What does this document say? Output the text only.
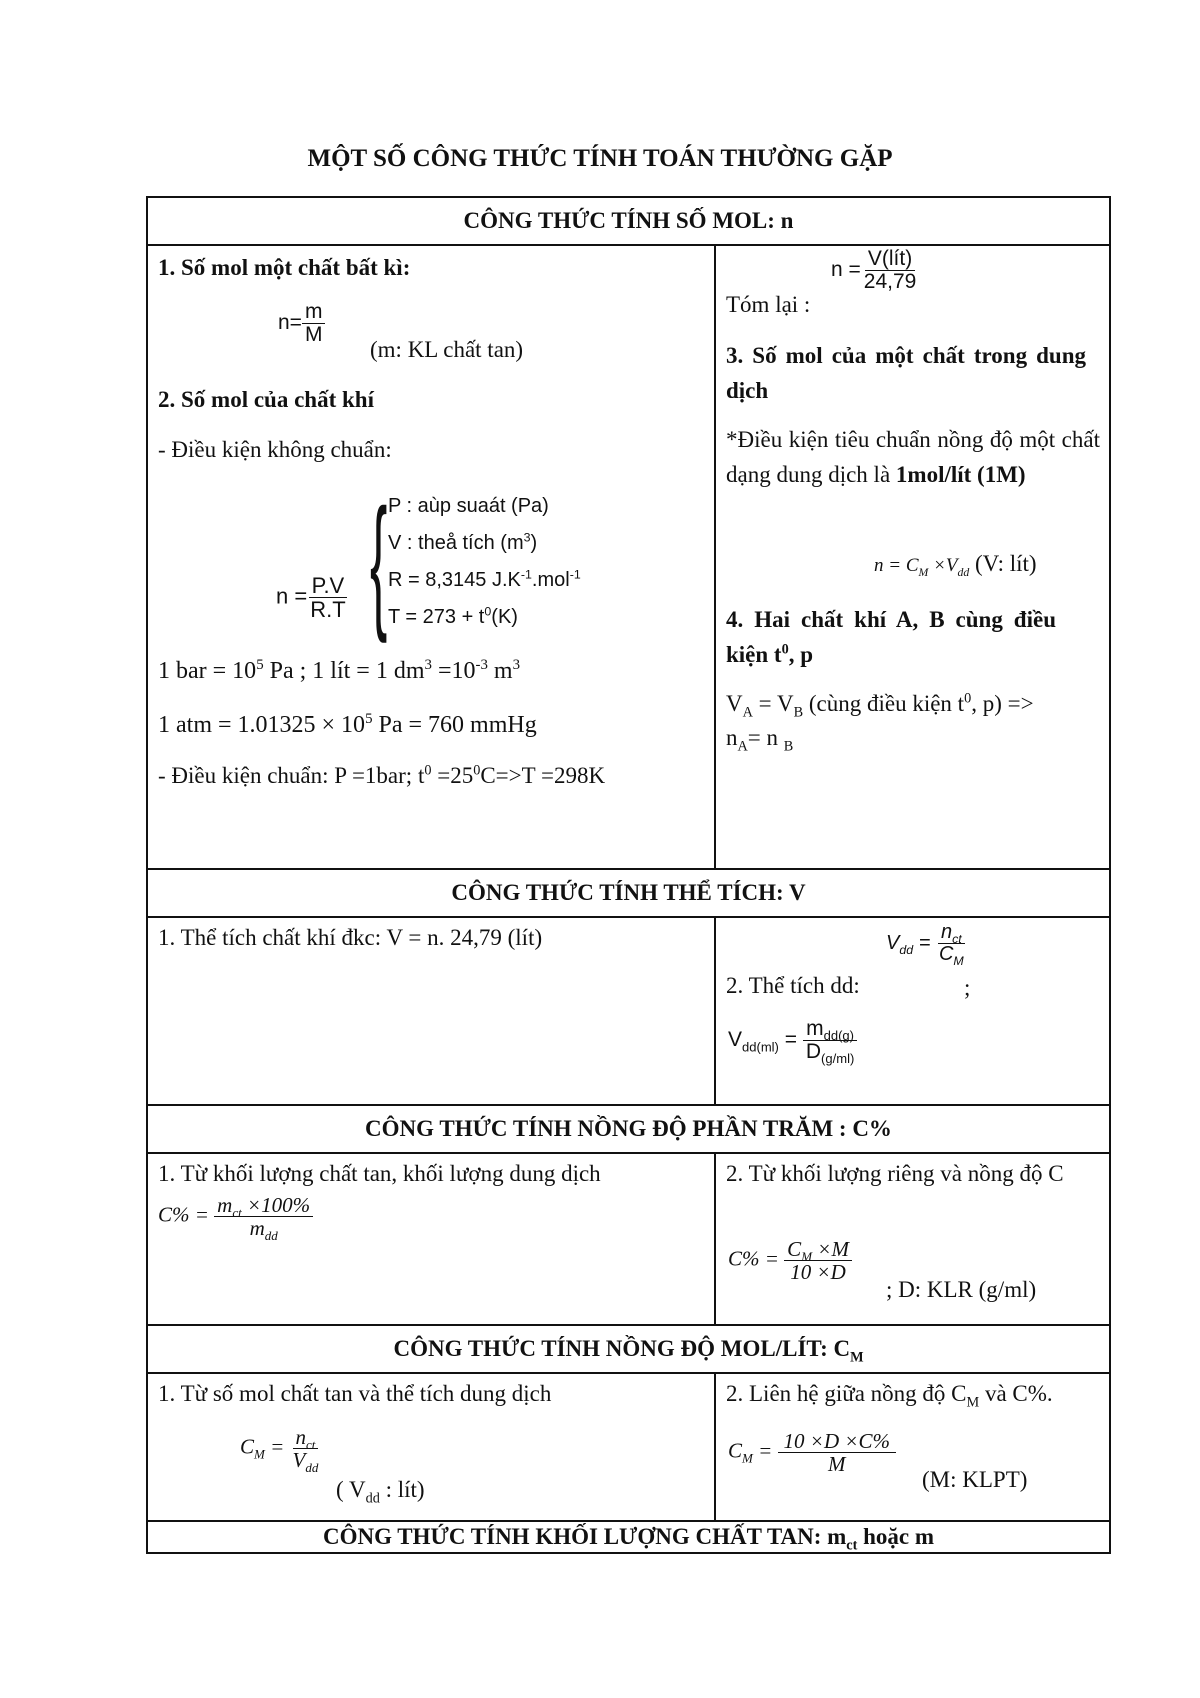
MỘT SỐ CÔNG THỨC TÍNH TOÁN THƯỜNG GẶP
CÔNG THỨC TÍNH SỐ MOL: n
1. Số mol một chất bất kì:
$n= \frac{m}{M}$
(m: KL chất tan)
2. Số mol của chất khí
- Điều kiện không chuẩn:
$n = \frac{P.V}{R.T}$ { P : aùp suaát (Pa)
V : theå tích $(m^3)$
R = 8,3145 $J.K^{-1}.mol^{-1}$
$T = 273 + t^0(K)$
1 bar = $10^5$ Pa ; 1 lít = 1 $dm^3 =10^{-3}$ $m^3$
1 atm = $1.01325 \times 10^5$ Pa = 760 mmHg
- Điều kiện chuẩn: P =1bar; $t^0 =25^0C=>T =298K$
$n = \frac{\text{V(lít)}}{24,79}$
Tóm lại :
3. Số mol của một chất trong dung dịch
*Điều kiện tiêu chuẩn nồng độ một chất dạng dung dịch là 1mol/lít (1M)
$n = C_M \times V_{dd}$ (V: lít)
4. Hai chất khí A, B cùng điều kiện $t^0$, p
$V_A = V_B$ (cùng điều kiện $t^0$, p) =>
$n_A= n$ $_B$
CÔNG THỨC TÍNH THỂ TÍCH: V
1. Thể tích chất khí đkc: V = n. 24,79 (lít)	$V_{dd} = \frac{n_{ct}}{C_M}$
2. Thể tích dd:	;
$V_{dd(ml)} = \frac{m_{dd(g)}}{D_{(g/ml)}}$
CÔNG THỨC TÍNH NỒNG ĐỘ PHẦN TRĂM : C%
1. Từ khối lượng chất tan, khối lượng dung dịch
$C\% = \frac{m_{ct} \times 100\%}{m_{dd}}$
2. Từ khối lượng riêng và nồng độ C
$C\% = \frac{C_M \times M}{10 \times D}$
; D: KLR (g/ml)
CÔNG THỨC TÍNH NỒNG ĐỘ MOL/LÍT: $C_M$
1. Từ số mol chất tan và thể tích dung dịch
$C_M = \frac{n_{ct}}{V_{dd}}$
( $V_{dd}$ : lít)
2. Liên hệ giữa nồng độ $C_M$ và C%.
$C_M = \frac{10 \times D \times C\%}{M}$
(M: KLPT)
CÔNG THỨC TÍNH KHỐI LƯỢNG CHẤT TAN: $m_{ct}$ hoặc m
